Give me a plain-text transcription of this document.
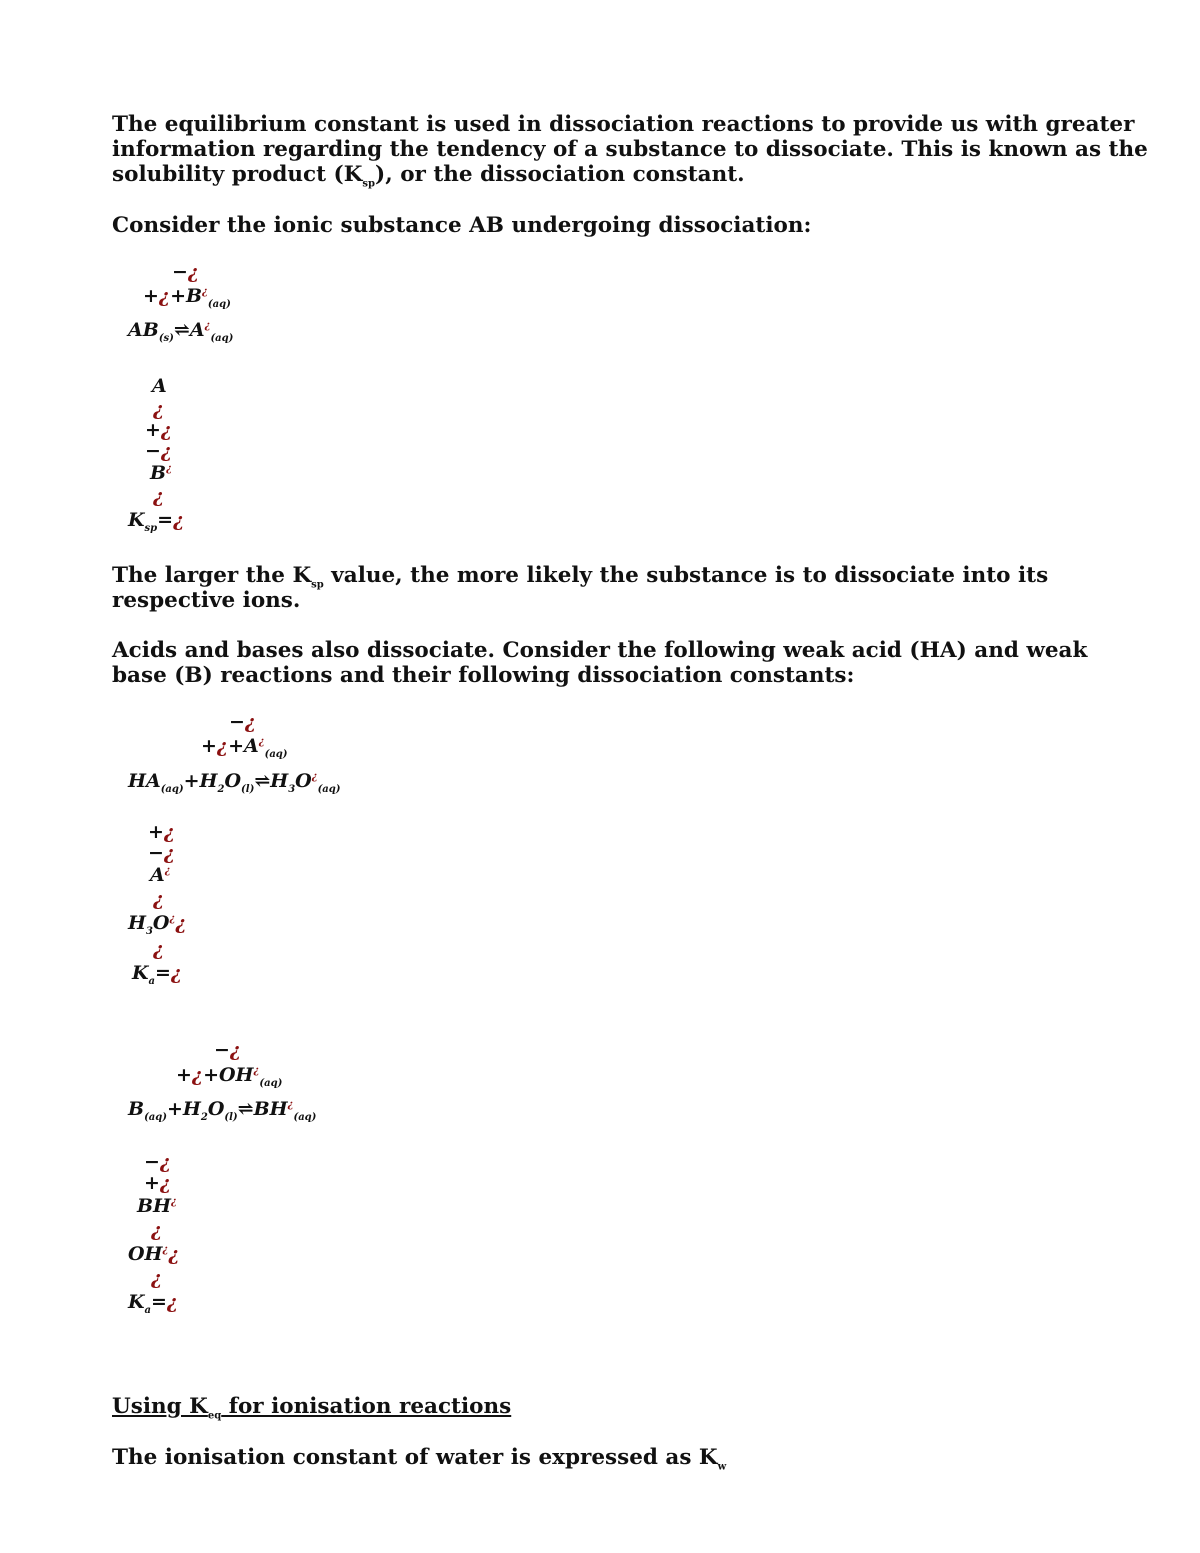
The equilibrium constant is used in dissociation reactions to provide us with greater
information regarding the tendency of a substance to dissociate. This is known as the
solubility product $(K_{sp})$, or the dissociation constant.
Consider the ionic substance AB undergoing dissociation:
−¿
$+¿+B^¿_{(aq)}$
$AB_{(s)}\rightleftharpoons A^¿_{(aq)}$
A
¿
+¿
−¿
B¿
¿
$K_{sp}=¿$
The larger the $K_{sp}$ value, the more likely the substance is to dissociate into its
respective ions.
Acids and bases also dissociate. Consider the following weak acid (HA) and weak
base (B) reactions and their following dissociation constants:
−¿
$+¿+A^¿_{(aq)}$
$HA_{(aq)}+H_2O_{(l)}\rightleftharpoons H_3O^¿_{(aq)}$
+¿
−¿
A¿
¿
$H_3O^¿¿$
¿
$K_a=¿$
−¿
$+¿+OH^¿_{(aq)}$
$B_{(aq)}+H_2O_{(l)}\rightleftharpoons BH^¿_{(aq)}$
−¿
+¿
BH¿
¿
OH¿¿
¿
$K_a=¿$
Using $K_{eq}$ for ionisation reactions
The ionisation constant of water is expressed as $K_w$
